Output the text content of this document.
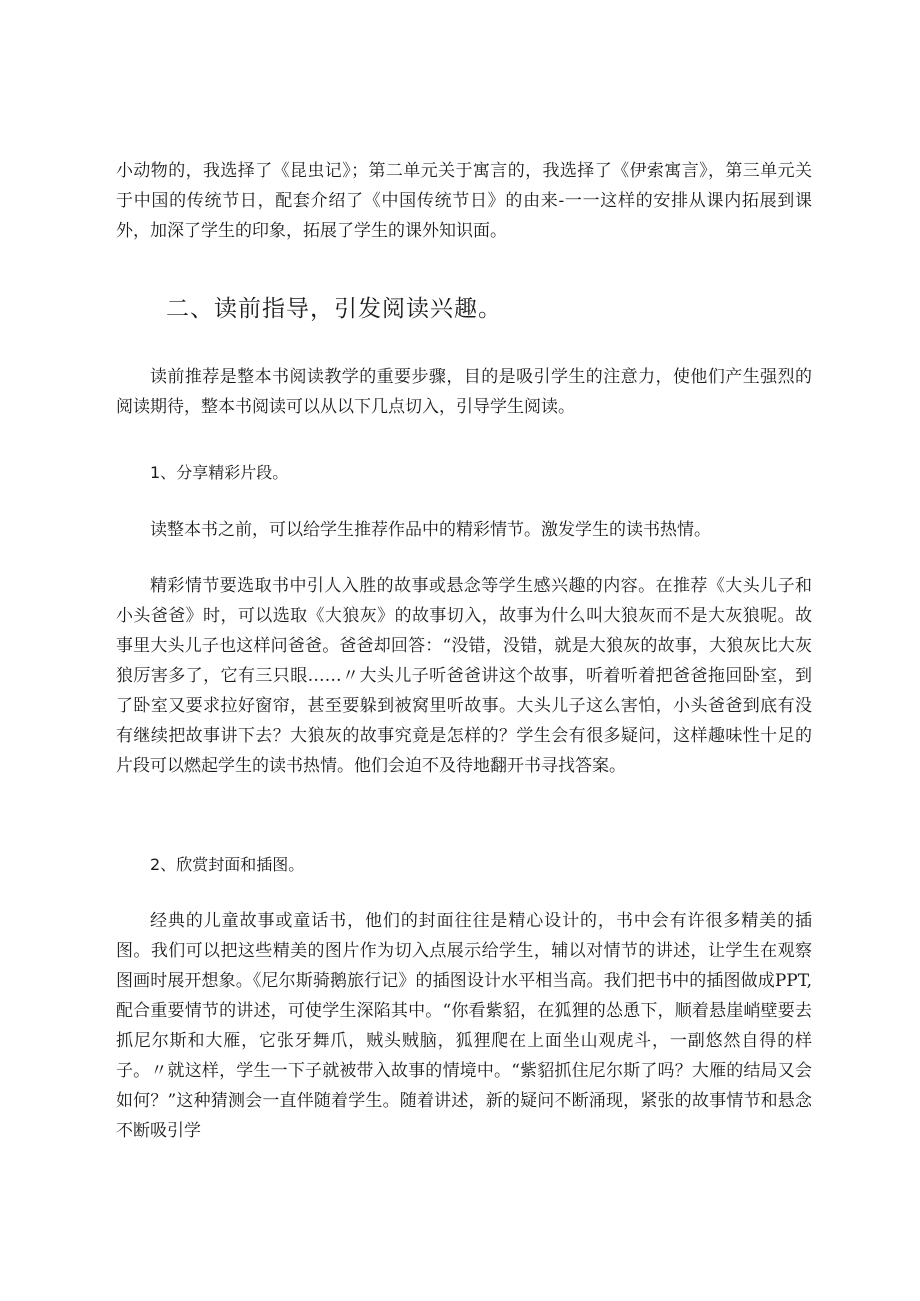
小动物的，我选择了《昆虫记》；第二单元关于寓言的，我选择了《伊索寓言》，第三单元关于中国的传统节日，配套介绍了《中国传统节日》的由来-一一这样的安排从课内拓展到课外，加深了学生的印象，拓展了学生的课外知识面。

二、读前指导，引发阅读兴趣。

读前推荐是整本书阅读教学的重要步骤，目的是吸引学生的注意力，使他们产生强烈的阅读期待，整本书阅读可以从以下几点切入，引导学生阅读。

1、分享精彩片段。

读整本书之前，可以给学生推荐作品中的精彩情节。激发学生的读书热情。

精彩情节要选取书中引人入胜的故事或悬念等学生感兴趣的内容。在推荐《大头儿子和小头爸爸》时，可以选取《大狼灰》的故事切入，故事为什么叫大狼灰而不是大灰狼呢。故事里大头儿子也这样问爸爸。爸爸却回答：“没错，没错，就是大狼灰的故事，大狼灰比大灰狼厉害多了，它有三只眼……〃大头儿子听爸爸讲这个故事，听着听着把爸爸拖回卧室，到了卧室又要求拉好窗帘，甚至要躲到被窝里听故事。大头儿子这么害怕，小头爸爸到底有没有继续把故事讲下去？大狼灰的故事究竟是怎样的？学生会有很多疑问，这样趣味性十足的片段可以燃起学生的读书热情。他们会迫不及待地翻开书寻找答案。

2、欣赏封面和插图。

经典的儿童故事或童话书，他们的封面往往是精心设计的，书中会有许很多精美的插图。我们可以把这些精美的图片作为切入点展示给学生，辅以对情节的讲述，让学生在观察图画时展开想象。《尼尔斯骑鹅旅行记》的插图设计水平相当高。我们把书中的插图做成PPT,配合重要情节的讲述，可使学生深陷其中。“你看紫貂，在狐狸的怂恿下，顺着悬崖峭壁要去抓尼尔斯和大雁，它张牙舞爪，贼头贼脑，狐狸爬在上面坐山观虎斗，一副悠然自得的样子。〃就这样，学生一下子就被带入故事的情境中。“紫貂抓住尼尔斯了吗？大雁的结局又会如何？”这种猜测会一直伴随着学生。随着讲述，新的疑问不断涌现，紧张的故事情节和悬念不断吸引学
